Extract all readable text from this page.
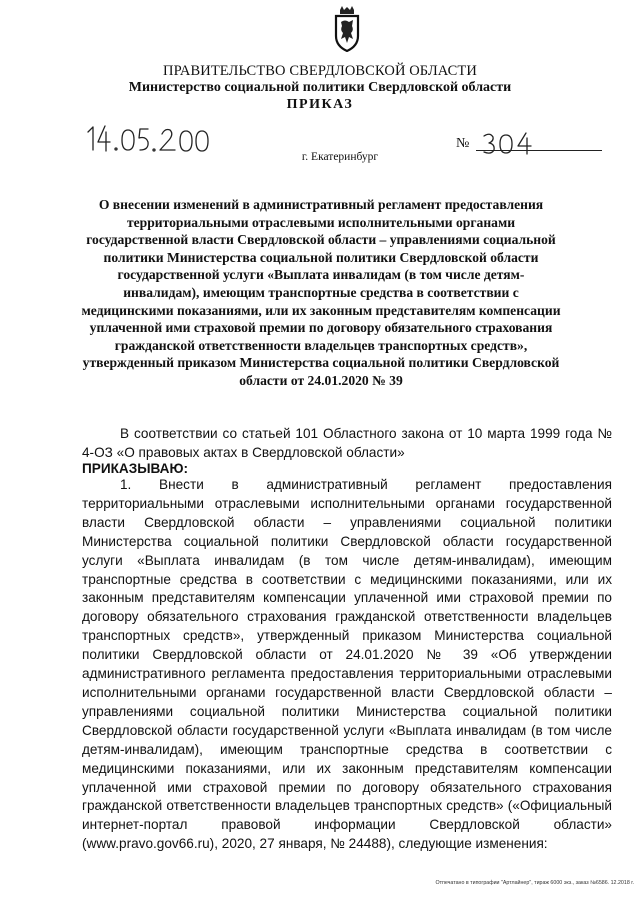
ПРАВИТЕЛЬСТВО СВЕРДЛОВСКОЙ ОБЛАСТИ
Министерство социальной политики Свердловской области
ПРИКАЗ
№
г. Екатеринбург
О внесении изменений в административный регламент предоставления территориальными отраслевыми исполнительными органами государственной власти Свердловской области – управлениями социальной политики Министерства социальной политики Свердловской области государственной услуги «Выплата инвалидам (в том числе детям-инвалидам), имеющим транспортные средства в соответствии с медицинскими показаниями, или их законным представителям компенсации уплаченной ими страховой премии по договору обязательного страхования гражданской ответственности владельцев транспортных средств», утвержденный приказом Министерства социальной политики Свердловской области от 24.01.2020 № 39
В соответствии со статьей 101 Областного закона от 10 марта 1999 года № 4-ОЗ «О правовых актах в Свердловской области»
ПРИКАЗЫВАЮ:
1. Внести в административный регламент предоставления территориальными отраслевыми исполнительными органами государственной власти Свердловской области – управлениями социальной политики Министерства социальной политики Свердловской области государственной услуги «Выплата инвалидам (в том числе детям-инвалидам), имеющим транспортные средства в соответствии с медицинскими показаниями, или их законным представителям компенсации уплаченной ими страховой премии по договору обязательного страхования гражданской ответственности владельцев транспортных средств», утвержденный приказом Министерства социальной политики Свердловской области от 24.01.2020 № 39 «Об утверждении административного регламента предоставления территориальными отраслевыми исполнительными органами государственной власти Свердловской области – управлениями социальной политики Министерства социальной политики Свердловской области государственной услуги «Выплата инвалидам (в том числе детям-инвалидам), имеющим транспортные средства в соответствии с медицинскими показаниями, или их законным представителям компенсации уплаченной ими страховой премии по договору обязательного страхования гражданской ответственности владельцев транспортных средств» («Официальный интернет-портал правовой информации Свердловской области» (www.pravo.gov66.ru), 2020, 27 января, № 24488), следующие изменения:
Отпечатано в типографии "Артлайнер", тираж 6000 экз., заказ №6586. 12.2018 г.
